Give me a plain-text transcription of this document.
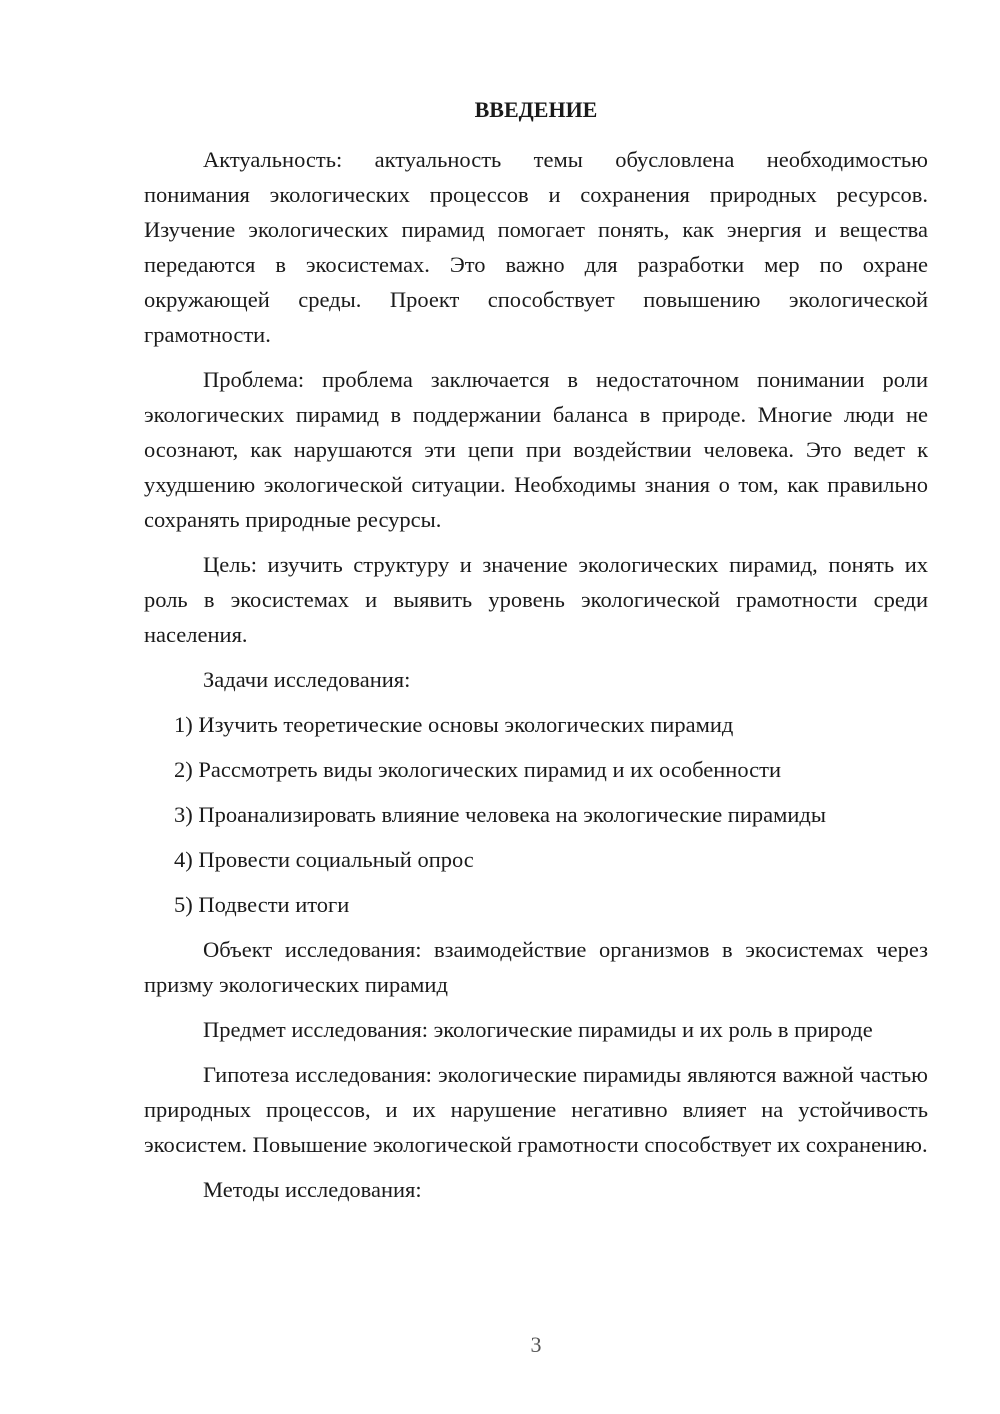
ВВЕДЕНИЕ

Актуальность: актуальность темы обусловлена необходимостью понимания экологических процессов и сохранения природных ресурсов. Изучение экологических пирамид помогает понять, как энергия и вещества передаются в экосистемах. Это важно для разработки мер по охране окружающей среды. Проект способствует повышению экологической грамотности.

Проблема: проблема заключается в недостаточном понимании роли экологических пирамид в поддержании баланса в природе. Многие люди не осознают, как нарушаются эти цепи при воздействии человека. Это ведет к ухудшению экологической ситуации. Необходимы знания о том, как правильно сохранять природные ресурсы.

Цель: изучить структуру и значение экологических пирамид, понять их роль в экосистемах и выявить уровень экологической грамотности среди населения.

Задачи исследования:

1) Изучить теоретические основы экологических пирамид
2) Рассмотреть виды экологических пирамид и их особенности
3) Проанализировать влияние человека на экологические пирамиды
4) Провести социальный опрос
5) Подвести итоги

Объект исследования: взаимодействие организмов в экосистемах через призму экологических пирамид

Предмет исследования: экологические пирамиды и их роль в природе

Гипотеза исследования: экологические пирамиды являются важной частью природных процессов, и их нарушение негативно влияет на устойчивость экосистем. Повышение экологической грамотности способствует их сохранению.

Методы исследования:

3
